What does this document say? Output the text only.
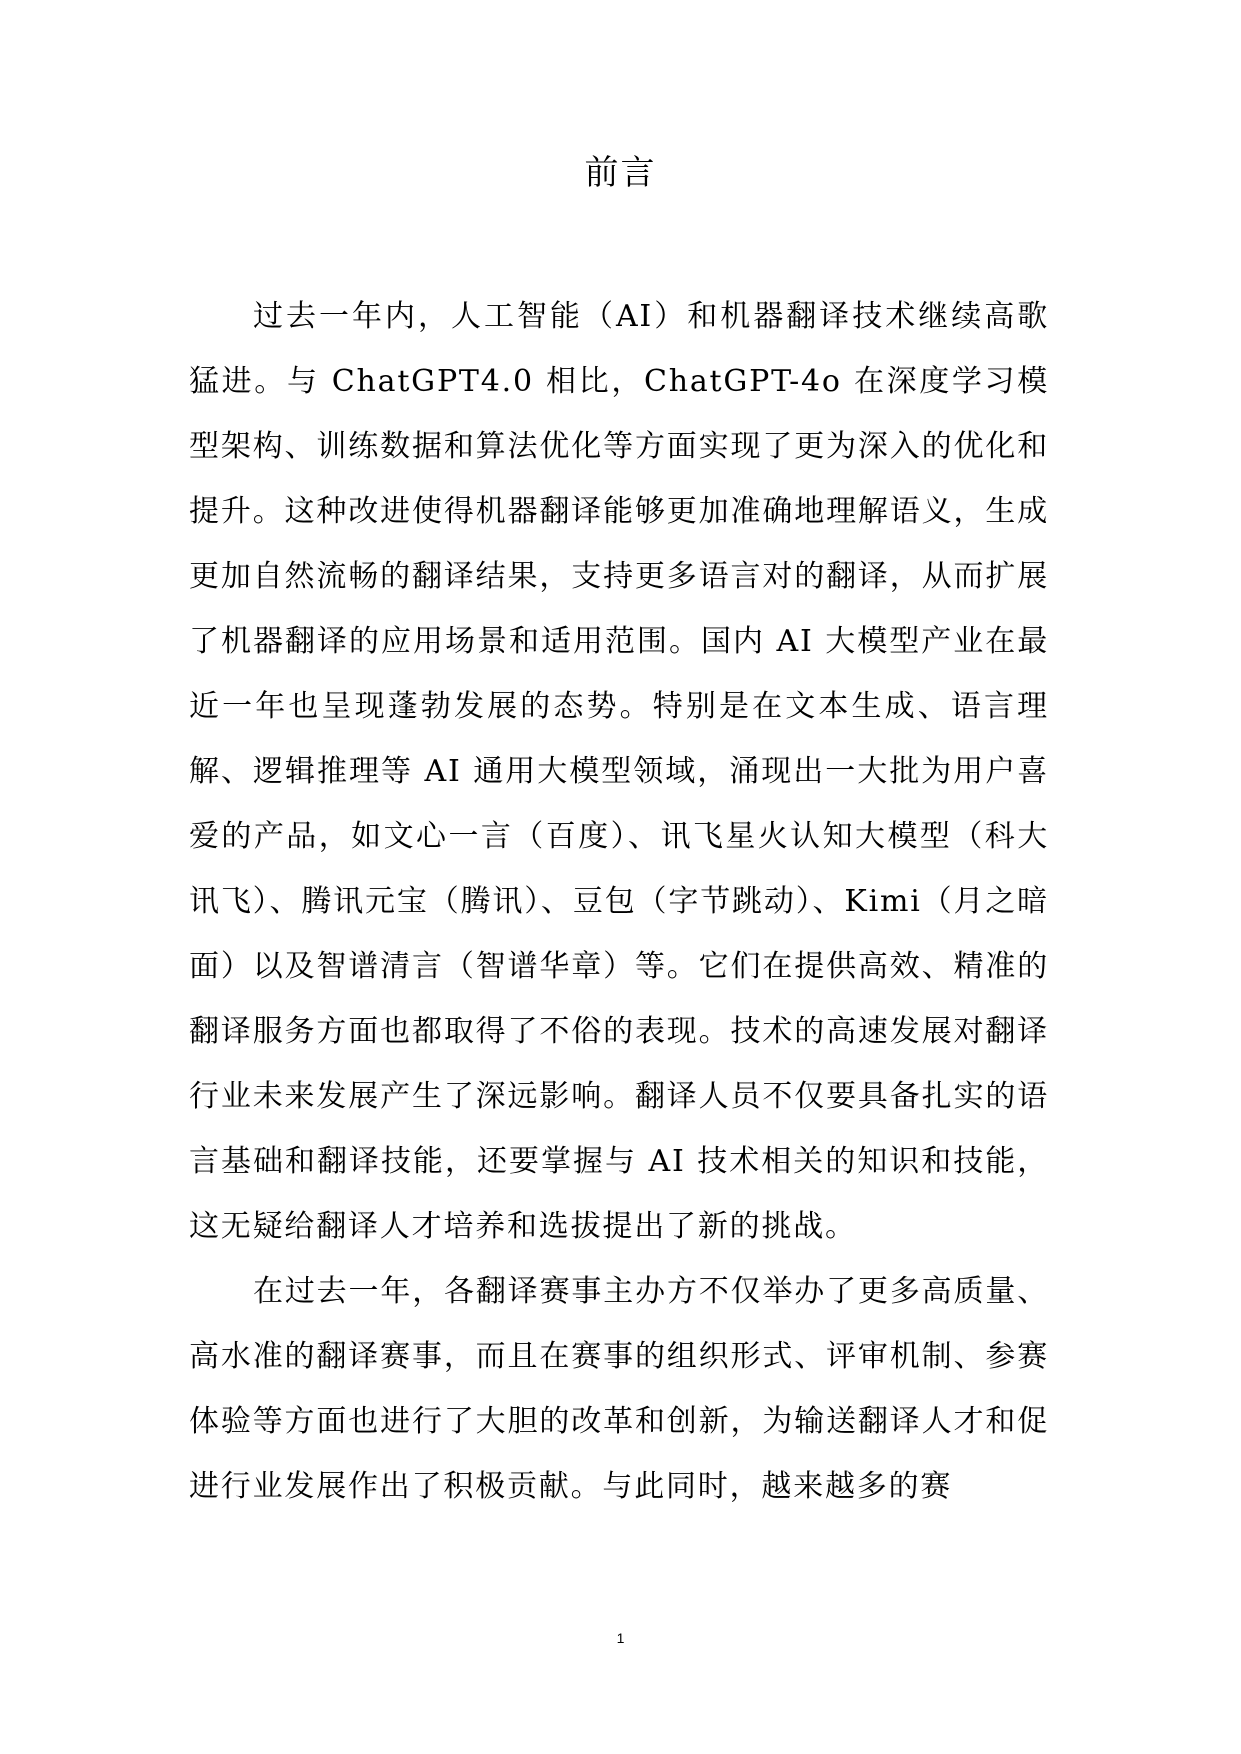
前言

过去一年内，人工智能（AI）和机器翻译技术继续高歌猛进。与 ChatGPT4.0 相比，ChatGPT-4o 在深度学习模型架构、训练数据和算法优化等方面实现了更为深入的优化和提升。这种改进使得机器翻译能够更加准确地理解语义，生成更加自然流畅的翻译结果，支持更多语言对的翻译，从而扩展了机器翻译的应用场景和适用范围。国内 AI 大模型产业在最近一年也呈现蓬勃发展的态势。特别是在文本生成、语言理解、逻辑推理等 AI 通用大模型领域，涌现出一大批为用户喜爱的产品，如文心一言（百度）、讯飞星火认知大模型（科大讯飞）、腾讯元宝（腾讯）、豆包（字节跳动）、Kimi（月之暗面）以及智谱清言（智谱华章）等。它们在提供高效、精准的翻译服务方面也都取得了不俗的表现。技术的高速发展对翻译行业未来发展产生了深远影响。翻译人员不仅要具备扎实的语言基础和翻译技能，还要掌握与 AI 技术相关的知识和技能，这无疑给翻译人才培养和选拔提出了新的挑战。

在过去一年，各翻译赛事主办方不仅举办了更多高质量、高水准的翻译赛事，而且在赛事的组织形式、评审机制、参赛体验等方面也进行了大胆的改革和创新，为输送翻译人才和促进行业发展作出了积极贡献。与此同时，越来越多的赛

1
